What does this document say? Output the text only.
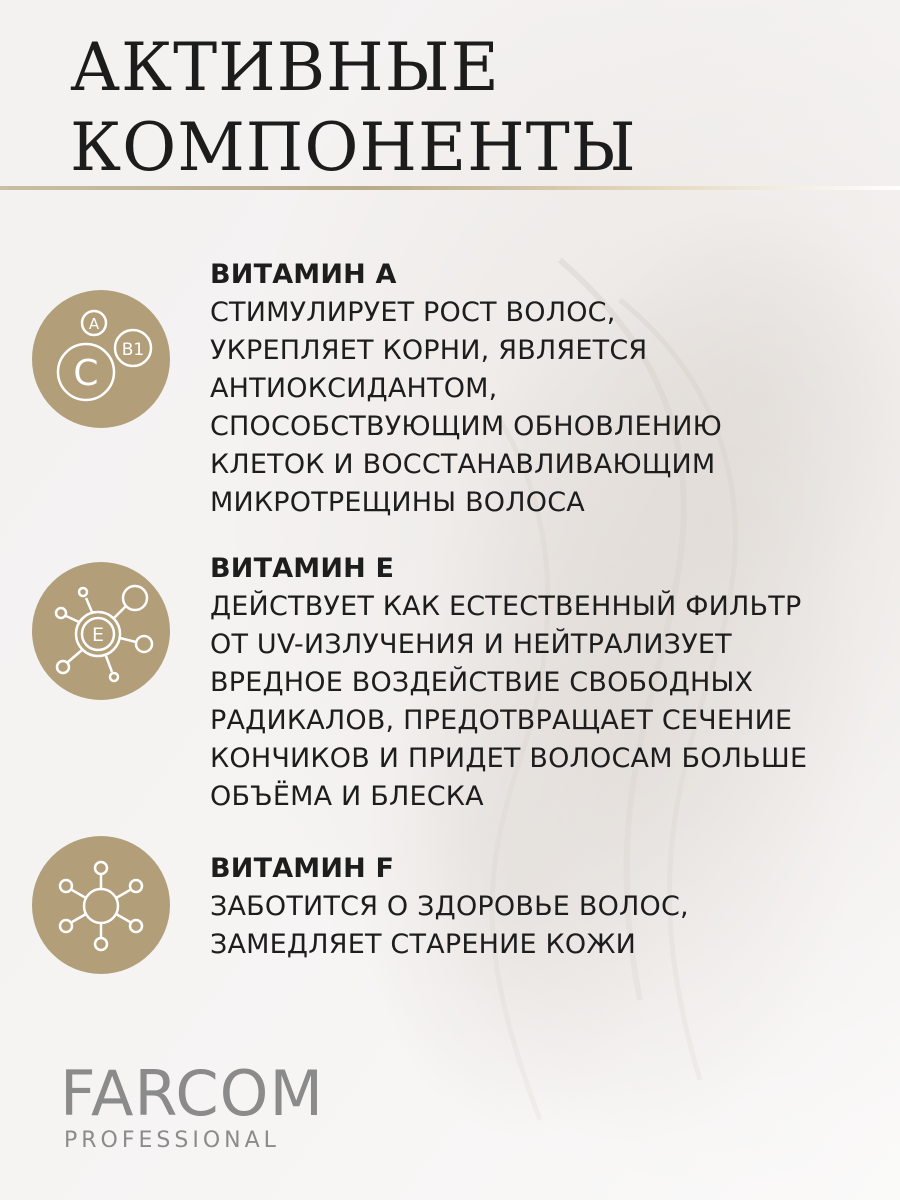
АКТИВНЫЕ
КОМПОНЕНТЫ
A
C
B1
ВИТАМИН А
СТИМУЛИРУЕТ РОСТ ВОЛОС,
УКРЕПЛЯЕТ КОРНИ, ЯВЛЯЕТСЯ
АНТИОКСИДАНТОМ,
СПОСОБСТВУЮЩИМ ОБНОВЛЕНИЮ
КЛЕТОК И ВОССТАНАВЛИВАЮЩИМ
МИКРОТРЕЩИНЫ ВОЛОСА
E
ВИТАМИН Е
ДЕЙСТВУЕТ КАК ЕСТЕСТВЕННЫЙ ФИЛЬТР
ОТ UV-ИЗЛУЧЕНИЯ И НЕЙТРАЛИЗУЕТ
ВРЕДНОЕ ВОЗДЕЙСТВИЕ СВОБОДНЫХ
РАДИКАЛОВ, ПРЕДОТВРАЩАЕТ СЕЧЕНИЕ
КОНЧИКОВ И ПРИДЕТ ВОЛОСАМ БОЛЬШЕ
ОБЪЁМА И БЛЕСКА
ВИТАМИН F
ЗАБОТИТСЯ О ЗДОРОВЬЕ ВОЛОС,
ЗАМЕДЛЯЕТ СТАРЕНИЕ КОЖИ
FARCOM
PROFESSIONAL
